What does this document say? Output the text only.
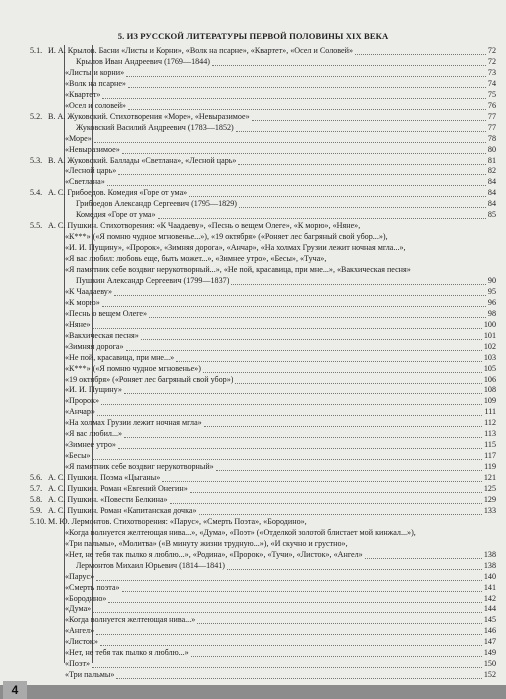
5. ИЗ РУССКОЙ ЛИТЕРАТУРЫ ПЕРВОЙ ПОЛОВИНЫ XIX ВЕКА
5.1. И. А. Крылов. Басни «Листы и Корни», «Волк на псарне», «Квартет», «Осел и Соловей»	72
Крылов Иван Андреевич (1769—1844)	72
«Листы и корни»	73
«Волк на псарне»	74
«Квартет»	75
«Осел и соловей»	76
5.2. В. А. Жуковский. Стихотворения «Море», «Невыразимое»	77
Жуковский Василий Андреевич (1783—1852)	77
«Море»	78
«Невыразимое»	80
5.3. В. А. Жуковский. Баллады «Светлана», «Лесной царь»	81
«Лесной царь»	82
«Светлана»	84
5.4. А. С. Грибоедов. Комедия «Горе от ума»	84
Грибоедов Александр Сергеевич (1795—1829)	84
Комедия «Горе от ума»	85
5.5. А. С. Пушкин. Стихотворения: «К Чаадаеву», «Песнь о вещем Олеге», «К морю», «Няне»,
«К***» («Я помню чудное мгновенье...»), «19 октября» («Роняет лес багряный свой убор...»),
«И. И. Пущину», «Пророк», «Зимняя дорога», «Анчар», «На холмах Грузии лежит ночная мгла...»,
«Я вас любил: любовь еще, быть может...», «Зимнее утро», «Бесы», «Туча»,
«Я памятник себе воздвиг нерукотворный...», «Не пой, красавица, при мне...», «Вакхическая песня»
Пушкин Александр Сергеевич (1799—1837)	90
«К Чаадаеву»	95
«К морю»	96
«Песнь о вещем Олеге»	98
«Няне»	100
«Вакхическая песня»	101
«Зимняя дорога»	102
«Не пой, красавица, при мне...»	103
«К***» («Я помню чудное мгновенье»)	105
«19 октября» («Роняет лес багряный свой убор»)	106
«И. И. Пущину»	108
«Пророк»	109
«Анчар»	111
«На холмах Грузии лежит ночная мгла»	112
«Я вас любил...»	113
«Зимнее утро»	115
«Бесы»	117
«Я памятник себе воздвиг нерукотворный»	119
5.6. А. С. Пушкин. Поэма «Цыганы»	121
5.7. А. С. Пушкин. Роман «Евгений Онегин»	125
5.8. А. С. Пушкин. «Повести Белкина»	129
5.9. А. С. Пушкин. Роман «Капитанская дочка»	133
5.10. М. Ю. Лермонтов. Стихотворения: «Парус», «Смерть Поэта», «Бородино»,
«Когда волнуется желтеющая нива...», «Дума», «Поэт» («Отделкой золотой блистает мой кинжал...»),
«Три пальмы», «Молитва» («В минуту жизни трудную...»), «И скучно и грустно»,
«Нет, не тебя так пылко я люблю...», «Родина», «Пророк», «Тучи», «Листок», «Ангел»	138
Лермонтов Михаил Юрьевич (1814—1841)	138
«Парус»	140
«Смерть поэта»	141
«Бородино»	142
«Дума»	144
«Когда волнуется желтеющая нива...»	145
«Ангел»	146
«Листок»	147
«Нет, не тебя так пылко я люблю...»	149
«Поэт»	150
«Три пальмы»	152
4
